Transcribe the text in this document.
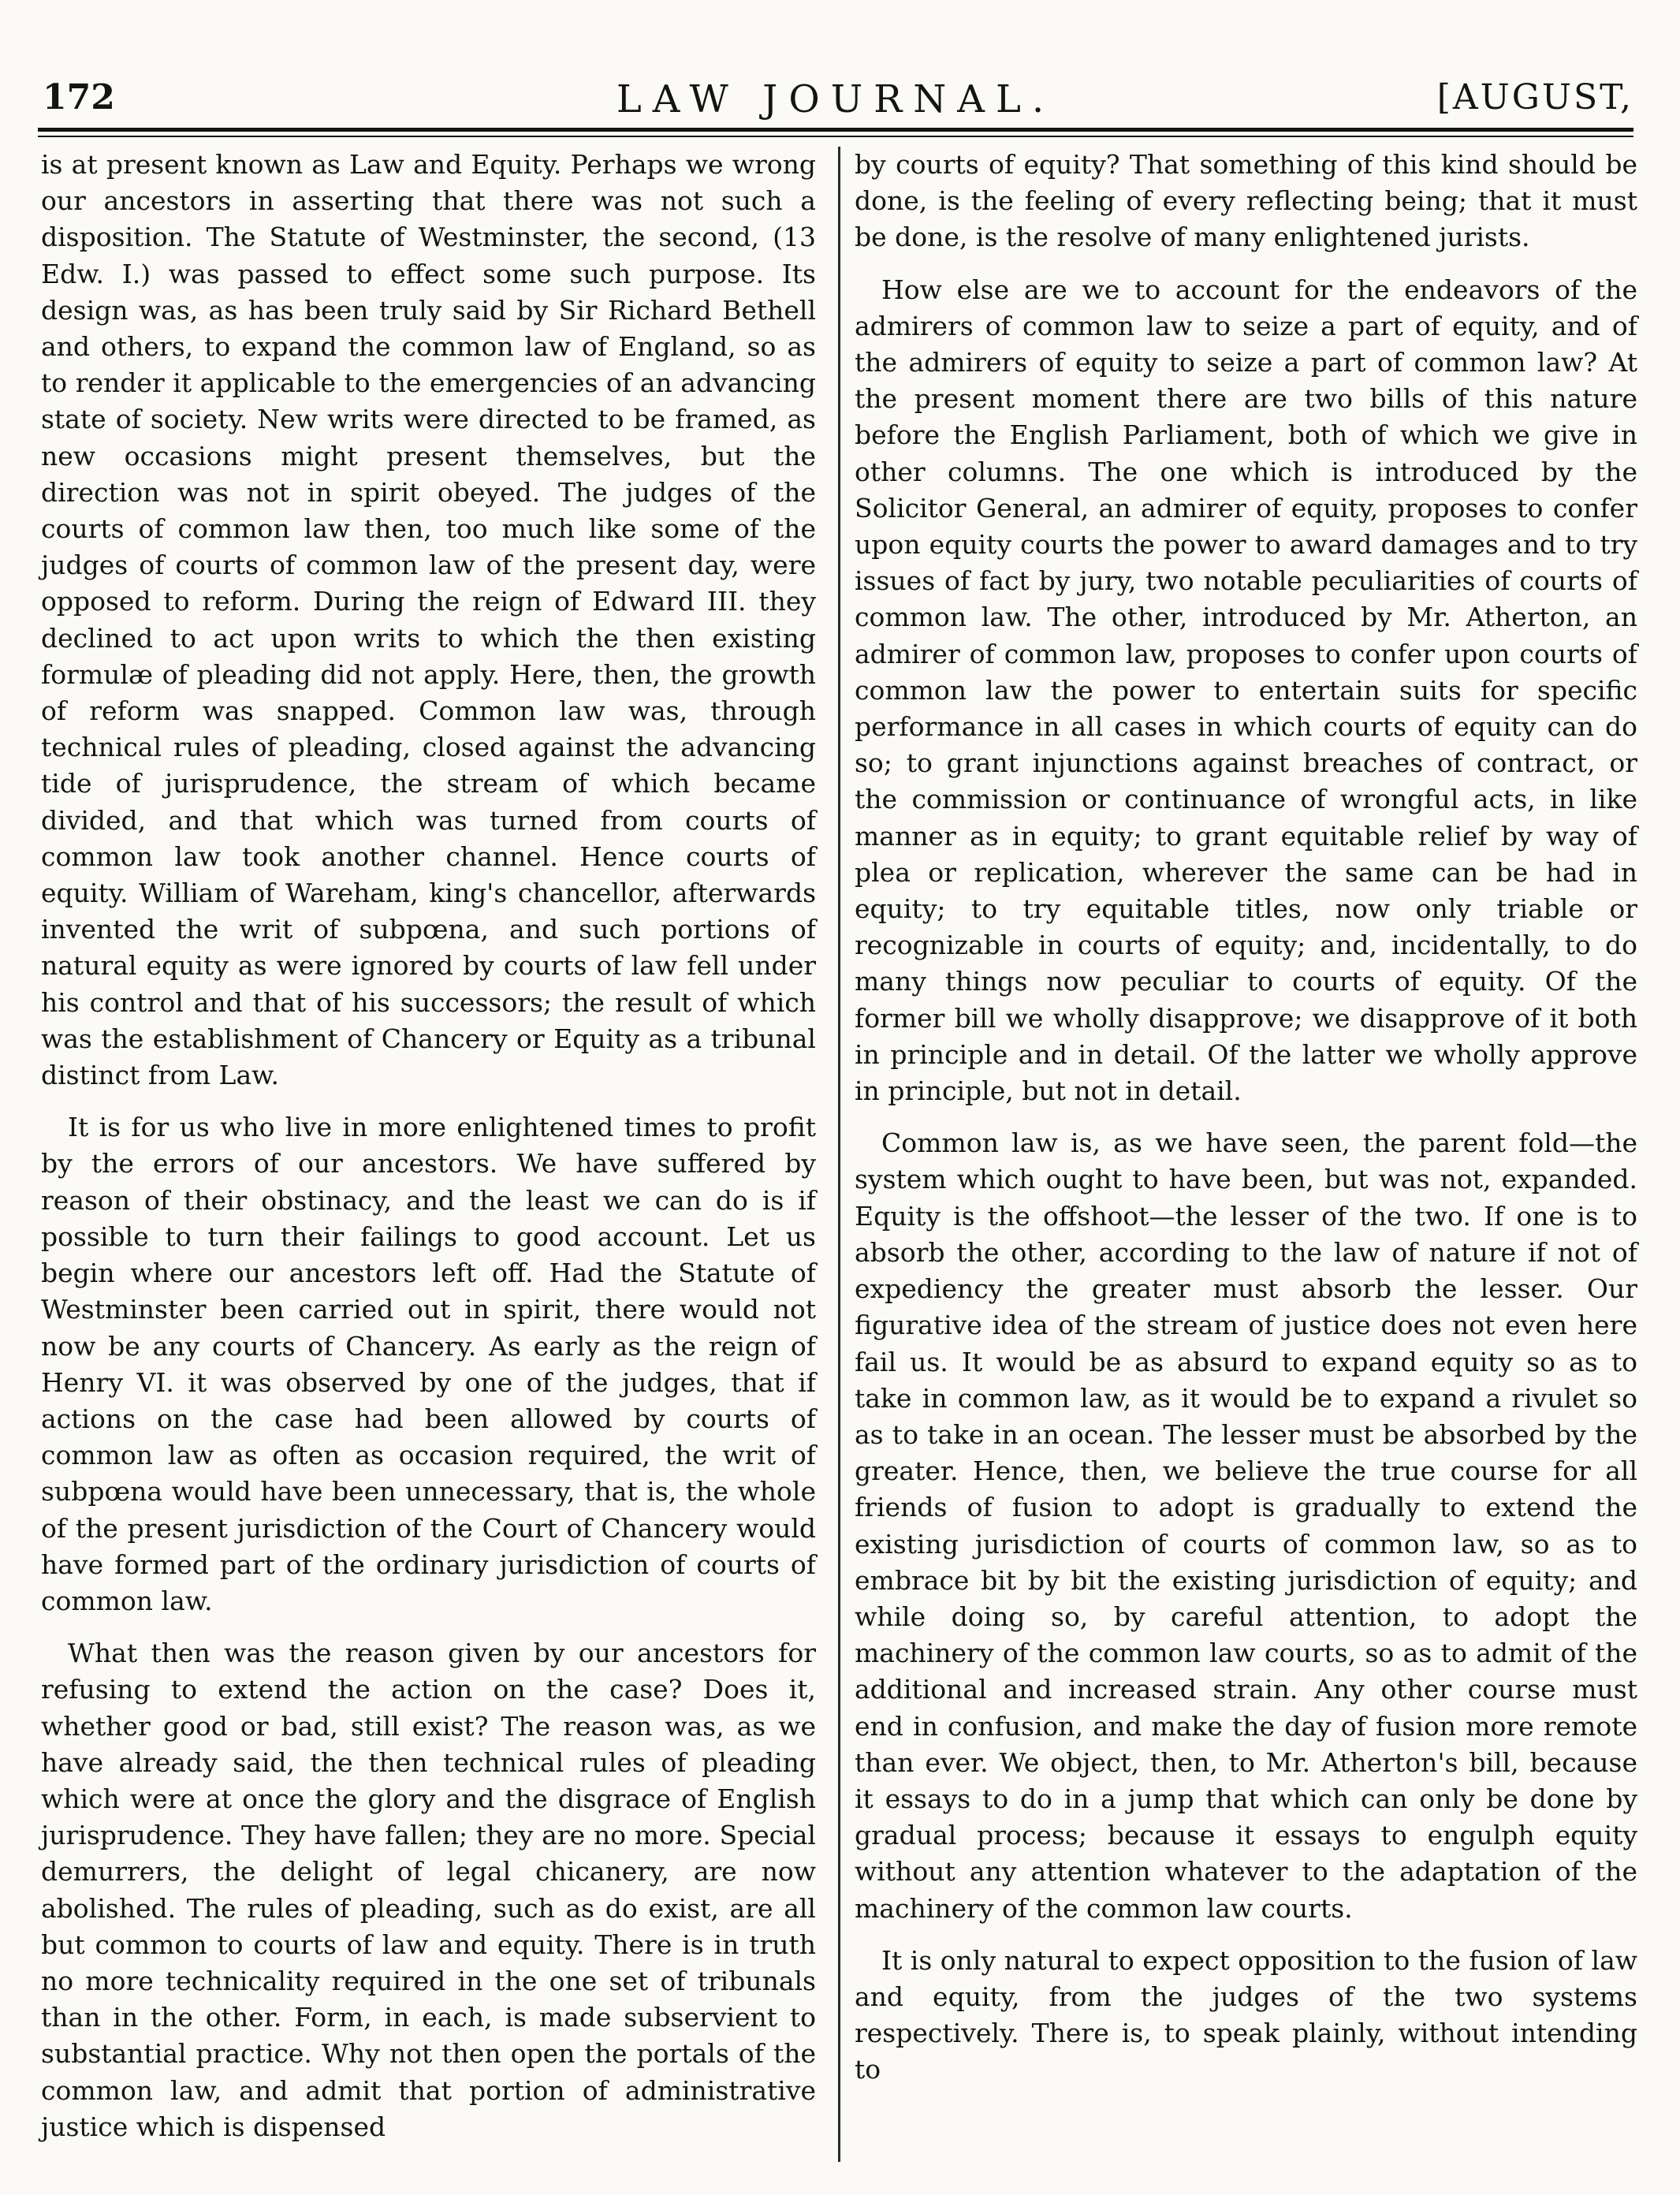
172	LAW JOURNAL.	[AUGUST,

is at present known as Law and Equity. Perhaps we wrong our ancestors in asserting that there was not such a disposition. The Statute of Westminster, the second, (13 Edw. I.) was passed to effect some such purpose. Its design was, as has been truly said by Sir Richard Bethell and others, to expand the common law of England, so as to render it applicable to the emergencies of an advancing state of society. New writs were directed to be framed, as new occasions might present themselves, but the direction was not in spirit obeyed. The judges of the courts of common law then, too much like some of the judges of courts of common law of the present day, were opposed to reform. During the reign of Edward III. they declined to act upon writs to which the then existing formulæ of pleading did not apply. Here, then, the growth of reform was snapped. Common law was, through technical rules of pleading, closed against the advancing tide of jurisprudence, the stream of which became divided, and that which was turned from courts of common law took another channel. Hence courts of equity. William of Wareham, king's chancellor, afterwards invented the writ of subpœna, and such portions of natural equity as were ignored by courts of law fell under his control and that of his successors; the result of which was the establishment of Chancery or Equity as a tribunal distinct from Law.

It is for us who live in more enlightened times to profit by the errors of our ancestors. We have suffered by reason of their obstinacy, and the least we can do is if possible to turn their failings to good account. Let us begin where our ancestors left off. Had the Statute of Westminster been carried out in spirit, there would not now be any courts of Chancery. As early as the reign of Henry VI. it was observed by one of the judges, that if actions on the case had been allowed by courts of common law as often as occasion required, the writ of subpœna would have been unnecessary, that is, the whole of the present jurisdiction of the Court of Chancery would have formed part of the ordinary jurisdiction of courts of common law.

What then was the reason given by our ancestors for refusing to extend the action on the case? Does it, whether good or bad, still exist? The reason was, as we have already said, the then technical rules of pleading which were at once the glory and the disgrace of English jurisprudence. They have fallen; they are no more. Special demurrers, the delight of legal chicanery, are now abolished. The rules of pleading, such as do exist, are all but common to courts of law and equity. There is in truth no more technicality required in the one set of tribunals than in the other. Form, in each, is made subservient to substantial practice. Why not then open the portals of the common law, and admit that portion of administrative justice which is dispensed

by courts of equity? That something of this kind should be done, is the feeling of every reflecting being; that it must be done, is the resolve of many enlightened jurists.

How else are we to account for the endeavors of the admirers of common law to seize a part of equity, and of the admirers of equity to seize a part of common law? At the present moment there are two bills of this nature before the English Parliament, both of which we give in other columns. The one which is introduced by the Solicitor General, an admirer of equity, proposes to confer upon equity courts the power to award damages and to try issues of fact by jury, two notable peculiarities of courts of common law. The other, introduced by Mr. Atherton, an admirer of common law, proposes to confer upon courts of common law the power to entertain suits for specific performance in all cases in which courts of equity can do so; to grant injunctions against breaches of contract, or the commission or continuance of wrongful acts, in like manner as in equity; to grant equitable relief by way of plea or replication, wherever the same can be had in equity; to try equitable titles, now only triable or recognizable in courts of equity; and, incidentally, to do many things now peculiar to courts of equity. Of the former bill we wholly disapprove; we disapprove of it both in principle and in detail. Of the latter we wholly approve in principle, but not in detail.

Common law is, as we have seen, the parent fold—the system which ought to have been, but was not, expanded. Equity is the offshoot—the lesser of the two. If one is to absorb the other, according to the law of nature if not of expediency the greater must absorb the lesser. Our figurative idea of the stream of justice does not even here fail us. It would be as absurd to expand equity so as to take in common law, as it would be to expand a rivulet so as to take in an ocean. The lesser must be absorbed by the greater. Hence, then, we believe the true course for all friends of fusion to adopt is gradually to extend the existing jurisdiction of courts of common law, so as to embrace bit by bit the existing jurisdiction of equity; and while doing so, by careful attention, to adopt the machinery of the common law courts, so as to admit of the additional and increased strain. Any other course must end in confusion, and make the day of fusion more remote than ever. We object, then, to Mr. Atherton's bill, because it essays to do in a jump that which can only be done by gradual process; because it essays to engulph equity without any attention whatever to the adaptation of the machinery of the common law courts.

It is only natural to expect opposition to the fusion of law and equity, from the judges of the two systems respectively. There is, to speak plainly, without intending to
